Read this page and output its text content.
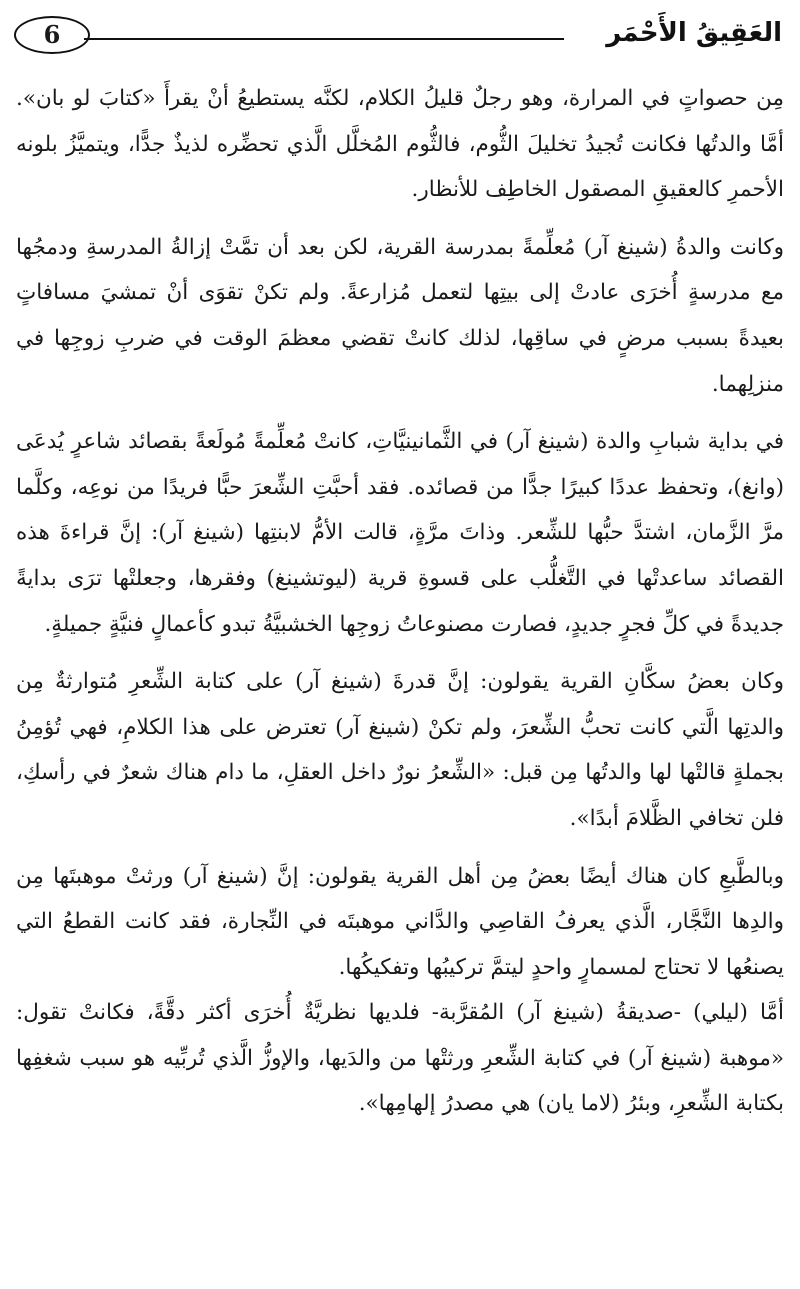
العَقِيقُ الأَحْمَر
6

مِن حصواتٍ في المرارة، وهو رجلٌ قليلُ الكلام، لكنَّه يستطيعُ أنْ يقرأَ «كتابَ لو بان». أمَّا والدتُها فكانت تُجيدُ تخليلَ الثُّوم، فالثُّوم المُخلَّل الَّذي تحضِّره لذيذٌ جدًّا، ويتميَّزُ بلونه الأحمرِ كالعقيقِ المصقول الخاطِف للأنظار.

وكانت والدةُ (شينغ آر) مُعلِّمةً بمدرسة القرية، لكن بعد أن تمَّتْ إزالةُ المدرسةِ ودمجُها مع مدرسةٍ أُخرَى عادتْ إلى بيتِها لتعمل مُزارعةً. ولم تكنْ تقوَى أنْ تمشيَ مسافاتٍ بعيدةً بسبب مرضٍ في ساقِها، لذلك كانتْ تقضي معظمَ الوقت في ضربِ زوجِها في منزلِهما.

في بداية شبابِ والدة (شينغ آر) في الثَّمانينيَّاتِ، كانتْ مُعلِّمةً مُولَعةً بقصائد شاعرٍ يُدعَى (وانغ)، وتحفظ عددًا كبيرًا جدًّا من قصائده. فقد أحبَّتِ الشِّعرَ حبًّا فريدًا من نوعِه، وكلَّما مرَّ الزَّمان، اشتدَّ حبُّها للشِّعر. وذاتَ مرَّةٍ، قالت الأمُّ لابنتِها (شينغ آر): إنَّ قراءةَ هذه القصائد ساعدتْها في التَّغلُّب على قسوةِ قرية (ليوتشينغ) وفقرها، وجعلتْها ترَى بدايةً جديدةً في كلِّ فجرٍ جديدٍ، فصارت مصنوعاتُ زوجِها الخشبيَّةُ تبدو كأعمالٍ فنيَّةٍ جميلةٍ.

وكان بعضُ سكَّانِ القرية يقولون: إنَّ قدرةَ (شينغ آر) على كتابة الشِّعرِ مُتوارثةٌ مِن والدتِها الَّتي كانت تحبُّ الشِّعرَ، ولم تكنْ (شينغ آر) تعترض على هذا الكلامِ، فهي تُؤمِنُ بجملةٍ قالتْها لها والدتُها مِن قبل: «الشِّعرُ نورٌ داخل العقلِ، ما دام هناك شعرٌ في رأسكِ، فلن تخافي الظَّلامَ أبدًا».

وبالطَّبعِ كان هناك أيضًا بعضُ مِن أهل القرية يقولون: إنَّ (شينغ آر) ورثتْ موهبتَها مِن والدِها النَّجَّار، الَّذي يعرفُ القاصِي والدَّاني موهبتَه في النِّجارة، فقد كانت القطعُ التي يصنعُها لا تحتاج لمسمارٍ واحدٍ ليتمَّ تركيبُها وتفكيكُها.

أمَّا (ليلي) -صديقةُ (شينغ آر) المُقرَّبة- فلديها نظريَّةٌ أُخرَى أكثر دقَّةً، فكانتْ تقول: «موهبة (شينغ آر) في كتابة الشِّعرِ ورثتْها من والدَيها، والإوزُّ الَّذي تُربِّيه هو سبب شغفِها بكتابة الشِّعرِ، وبئرُ (لاما يان) هي مصدرُ إلهامِها».
